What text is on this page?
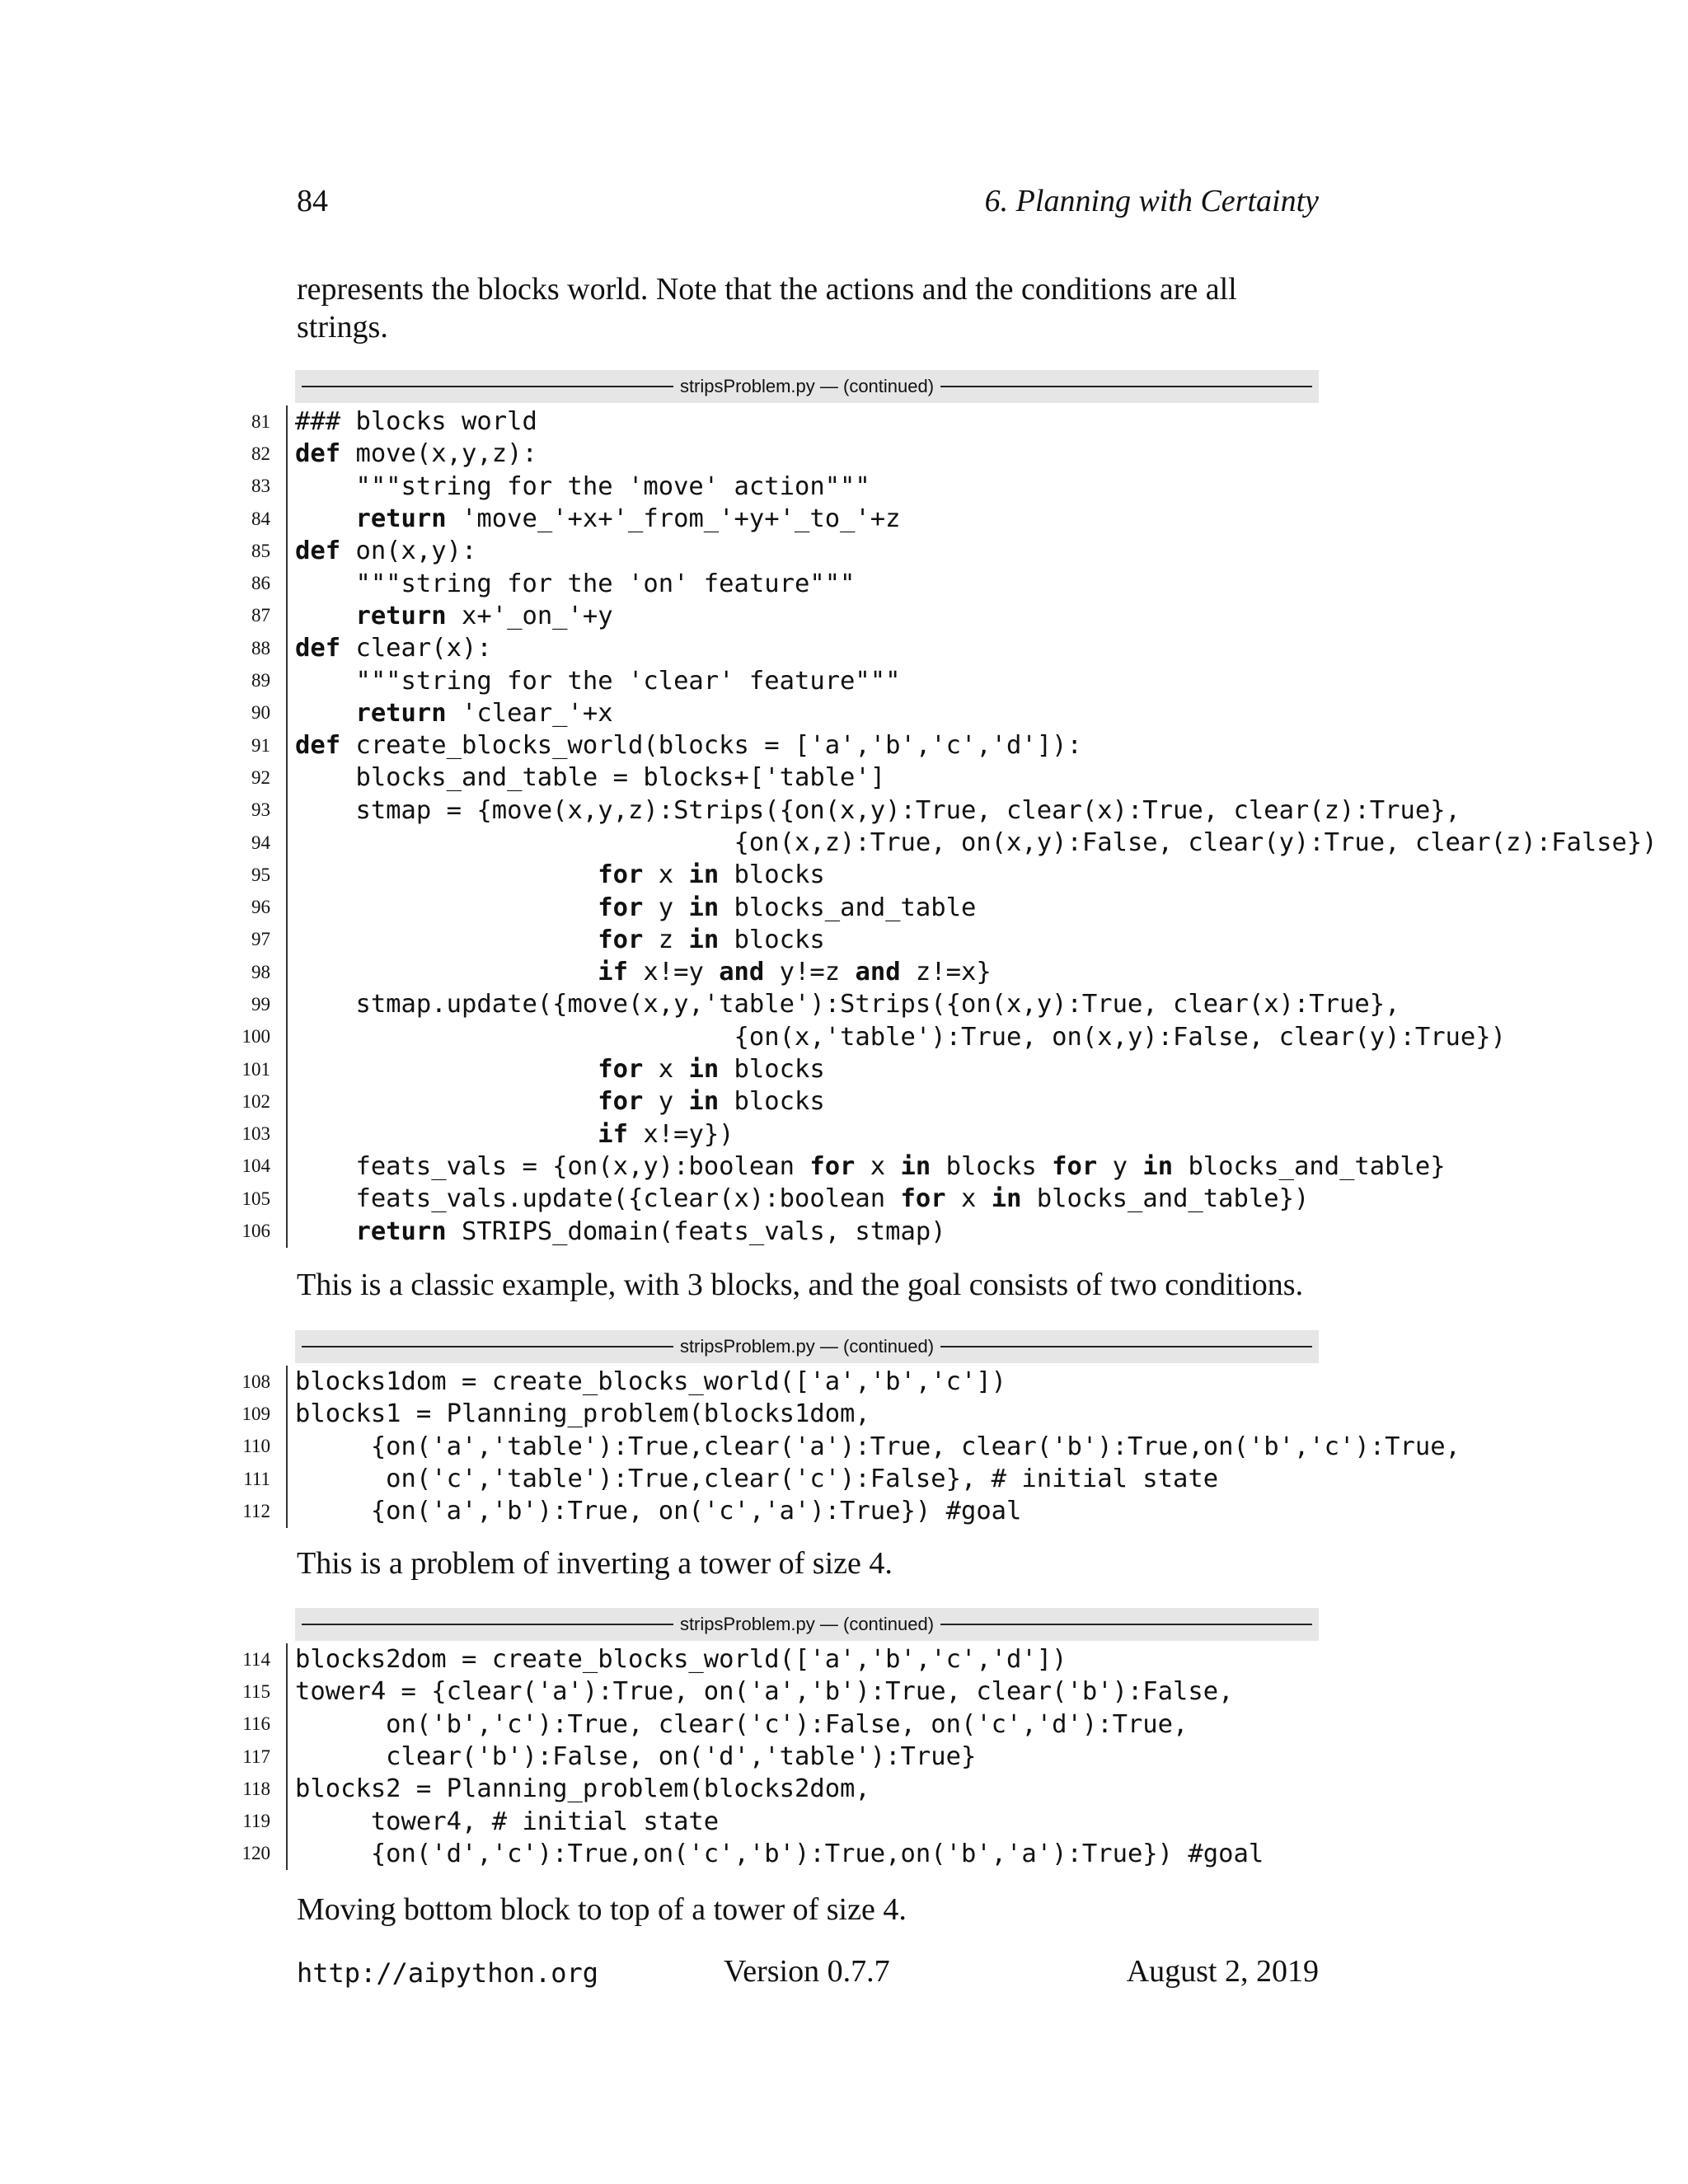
84	6. Planning with Certainty
represents the blocks world. Note that the actions and the conditions are all strings.
stripsProblem.py — (continued)
81 ### blocks world
82 def move(x,y,z):
83 """string for the 'move' action"""
84	return 'move_'+x+'_from_'+y+'_to_'+z
85 def on(x,y):
86 """string for the 'on' feature"""
87	return x+'_on_'+y
88 def clear(x):
89 """string for the 'clear' feature"""
90	return 'clear_'+x
91 def create_blocks_world(blocks = ['a','b','c','d']):
92 blocks_and_table = blocks+['table']
93 stmap = {move(x,y,z):Strips({on(x,y):True, clear(x):True, clear(z):True},
94 {on(x,z):True, on(x,y):False, clear(y):True, clear(z):False})
95	for x in blocks
96	for y in blocks_and_table
97	for z in blocks
98	if x!=y and y!=z and z!=x}
99 stmap.update({move(x,y,'table'):Strips({on(x,y):True, clear(x):True},
100 {on(x,'table'):True, on(x,y):False, clear(y):True})
101	for x in blocks
102	for y in blocks
103	if x!=y})
104 feats_vals = {on(x,y):boolean for x in blocks for y in blocks_and_table}
105 feats_vals.update({clear(x):boolean for x in blocks_and_table})
106	return STRIPS_domain(feats_vals, stmap)
This is a classic example, with 3 blocks, and the goal consists of two conditions.
stripsProblem.py — (continued)
108 blocks1dom = create_blocks_world(['a','b','c'])
109 blocks1 = Planning_problem(blocks1dom,
110 {on('a','table'):True,clear('a'):True, clear('b'):True,on('b','c'):True,
111 on('c','table'):True,clear('c'):False}, # initial state
112 {on('a','b'):True, on('c','a'):True}) #goal
This is a problem of inverting a tower of size 4.
stripsProblem.py — (continued)
114 blocks2dom = create_blocks_world(['a','b','c','d'])
115 tower4 = {clear('a'):True, on('a','b'):True, clear('b'):False,
116 on('b','c'):True, clear('c'):False, on('c','d'):True,
117 clear('b'):False, on('d','table'):True}
118 blocks2 = Planning_problem(blocks2dom,
119 tower4, # initial state
120 {on('d','c'):True,on('c','b'):True,on('b','a'):True}) #goal
Moving bottom block to top of a tower of size 4.
http://aipython.org	Version 0.7.7	August 2, 2019
